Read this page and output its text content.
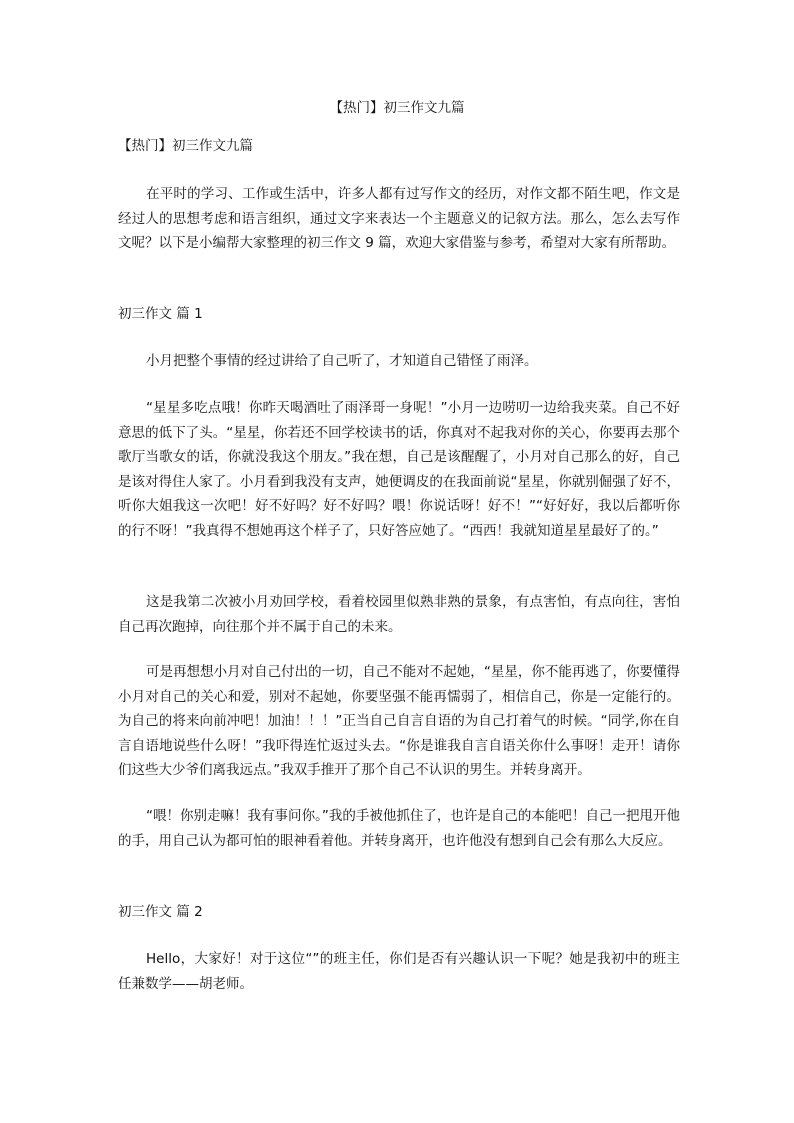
【热门】初三作文九篇
【热门】初三作文九篇
在平时的学习、工作或生活中，许多人都有过写作文的经历，对作文都不陌生吧，作文是经过人的思想考虑和语言组织，通过文字来表达一个主题意义的记叙方法。那么，怎么去写作文呢？以下是小编帮大家整理的初三作文 9 篇，欢迎大家借鉴与参考，希望对大家有所帮助。
初三作文 篇 1
小月把整个事情的经过讲给了自己听了，才知道自己错怪了雨泽。
“星星多吃点哦！你昨天喝酒吐了雨泽哥一身呢！”小月一边唠叨一边给我夹菜。自己不好意思的低下了头。“星星，你若还不回学校读书的话，你真对不起我对你的关心，你要再去那个歌厅当歌女的话，你就没我这个朋友。”我在想，自己是该醒醒了，小月对自己那么的好，自己是该对得住人家了。小月看到我没有支声，她便调皮的在我面前说“星星，你就别倔强了好不，听你大姐我这一次吧！好不好吗？好不好吗？喂！你说话呀！好不！”“好好好，我以后都听你的行不呀！”我真得不想她再这个样子了，只好答应她了。“西西！我就知道星星最好了的。”
这是我第二次被小月劝回学校，看着校园里似熟非熟的景象，有点害怕，有点向往，害怕自己再次跑掉，向往那个并不属于自己的未来。
可是再想想小月对自己付出的一切，自己不能对不起她，“星星，你不能再逃了，你要懂得小月对自己的关心和爱，别对不起她，你要坚强不能再懦弱了，相信自己，你是一定能行的。为自己的将来向前冲吧！加油！！！”正当自己自言自语的为自己打着气的时候。“同学,你在自言自语地说些什么呀！”我吓得连忙返过头去。“你是谁我自言自语关你什么事呀！走开！请你们这些大少爷们离我远点。”我双手推开了那个自己不认识的男生。并转身离开。
“喂！你别走嘛！我有事问你。”我的手被他抓住了，也许是自己的本能吧！自己一把甩开他的手，用自己认为都可怕的眼神看着他。并转身离开，也许他没有想到自己会有那么大反应。
初三作文 篇 2
Hello，大家好！对于这位“”的班主任，你们是否有兴趣认识一下呢？她是我初中的班主任兼数学——胡老师。
